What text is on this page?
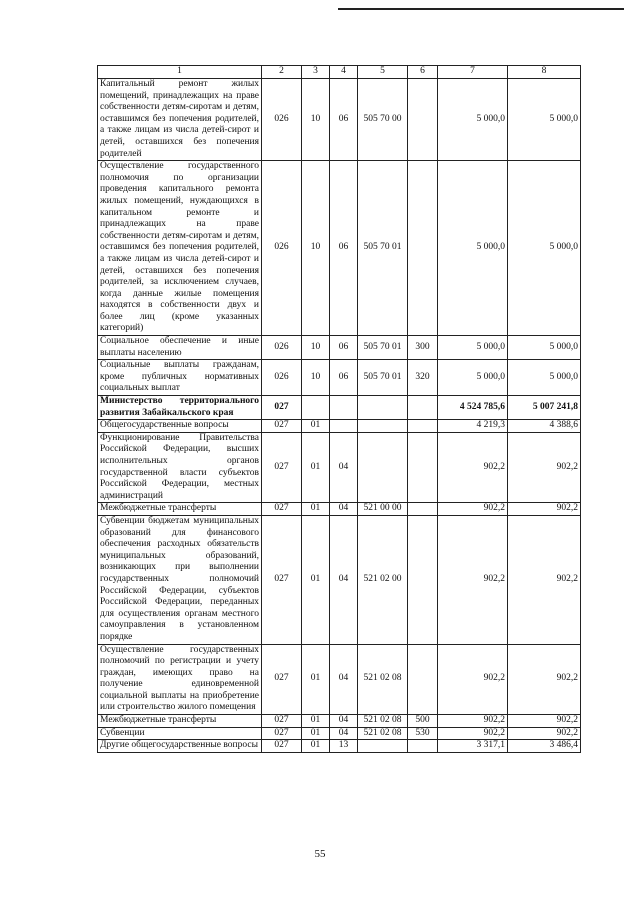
1	2	3	4	5	6	7	8
Капитальный ремонт жилых помещений, принадлежащих на праве собственности детям-сиротам и детям, оставшимся без попечения родителей, а также лицам из числа детей-сирот и детей, оставшихся без попечения родителей	026	10	06	505 70 00		5 000,0	5 000,0
Осуществление государственного полномочия по организации проведения капитального ремонта жилых помещений, нуждающихся в капитальном ремонте и принадлежащих на праве собственности детям-сиротам и детям, оставшимся без попечения родителей, а также лицам из числа детей-сирот и детей, оставшихся без попечения родителей, за исключением случаев, когда данные жилые помещения находятся в собственности двух и более лиц (кроме указанных категорий)	026	10	06	505 70 01		5 000,0	5 000,0
Социальное обеспечение и иные выплаты населению	026	10	06	505 70 01	300	5 000,0	5 000,0
Социальные выплаты гражданам, кроме публичных нормативных социальных выплат	026	10	06	505 70 01	320	5 000,0	5 000,0
Министерство территориального развития Забайкальского края	027					4 524 785,6	5 007 241,8
Общегосударственные вопросы	027	01				4 219,3	4 388,6
Функционирование Правительства Российской Федерации, высших исполнительных органов государственной власти субъектов Российской Федерации, местных администраций	027	01	04			902,2	902,2
Межбюджетные трансферты	027	01	04	521 00 00		902,2	902,2
Субвенции бюджетам муниципальных образований для финансового обеспечения расходных обязательств муниципальных образований, возникающих при выполнении государственных полномочий Российской Федерации, субъектов Российской Федерации, переданных для осуществления органам местного самоуправления в установленном порядке	027	01	04	521 02 00		902,2	902,2
Осуществление государственных полномочий по регистрации и учету граждан, имеющих право на получение единовременной социальной выплаты на приобретение или строительство жилого помещения	027	01	04	521 02 08		902,2	902,2
Межбюджетные трансферты	027	01	04	521 02 08	500	902,2	902,2
Субвенции	027	01	04	521 02 08	530	902,2	902,2
Другие общегосударственные вопросы	027	01	13			3 317,1	3 486,4
55
